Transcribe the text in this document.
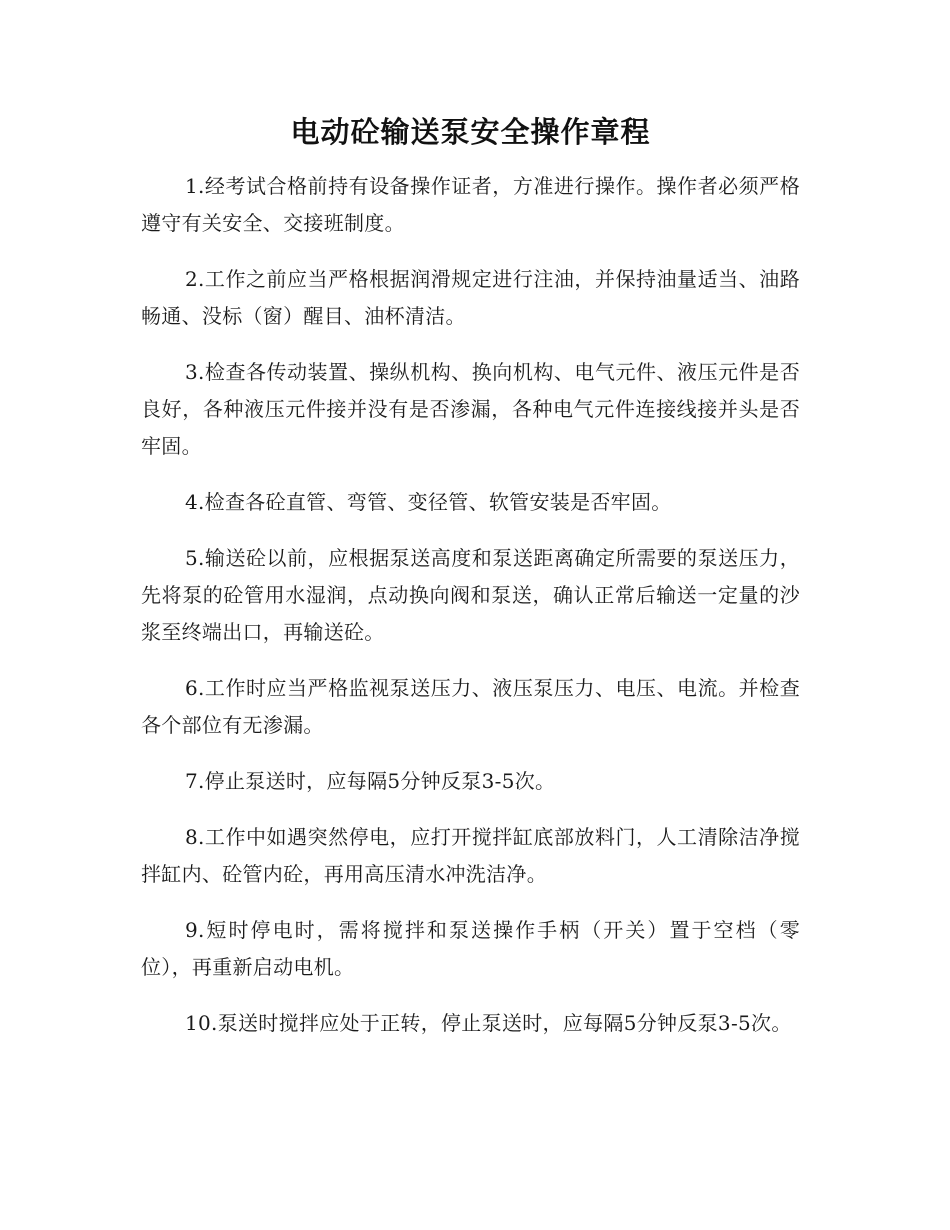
电动砼输送泵安全操作章程

1.经考试合格前持有设备操作证者，方准进行操作。操作者必须严格遵守有关安全、交接班制度。

2.工作之前应当严格根据润滑规定进行注油，并保持油量适当、油路畅通、没标（窗）醒目、油杯清洁。

3.检查各传动装置、操纵机构、换向机构、电气元件、液压元件是否良好，各种液压元件接并没有是否渗漏，各种电气元件连接线接并头是否牢固。

4.检查各砼直管、弯管、变径管、软管安装是否牢固。

5.输送砼以前，应根据泵送高度和泵送距离确定所需要的泵送压力，先将泵的砼管用水湿润，点动换向阀和泵送，确认正常后输送一定量的沙浆至终端出口，再输送砼。

6.工作时应当严格监视泵送压力、液压泵压力、电压、电流。并检查各个部位有无渗漏。

7.停止泵送时，应每隔5分钟反泵3-5次。

8.工作中如遇突然停电，应打开搅拌缸底部放料门，人工清除洁净搅拌缸内、砼管内砼，再用高压清水冲洗洁净。

9.短时停电时，需将搅拌和泵送操作手柄（开关）置于空档（零位），再重新启动电机。

10.泵送时搅拌应处于正转，停止泵送时，应每隔5分钟反泵3-5次。
